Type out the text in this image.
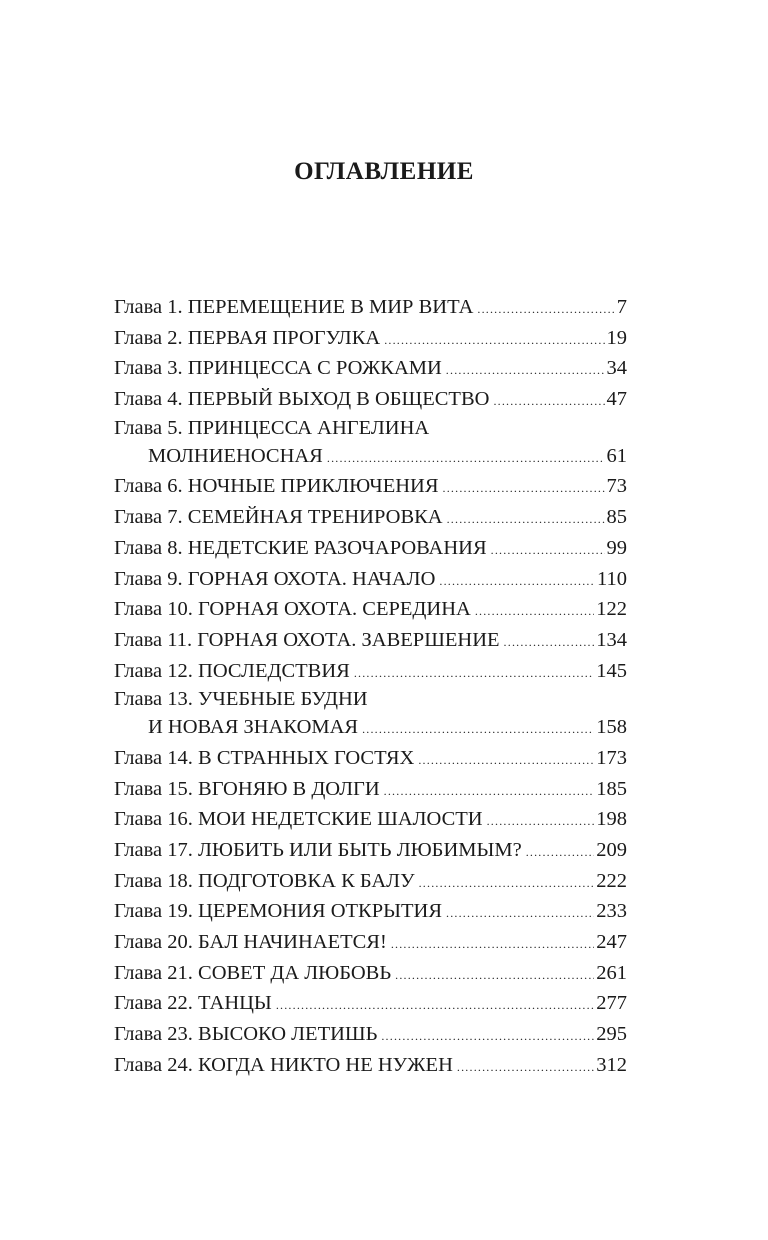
ОГЛАВЛЕНИЕ
Глава 1. ПЕРЕМЕЩЕНИЕ В МИР ВИТА .....	7
Глава 2. ПЕРВАЯ ПРОГУЛКА .....	19
Глава 3. ПРИНЦЕССА С РОЖКАМИ .....	34
Глава 4. ПЕРВЫЙ ВЫХОД В ОБЩЕСТВО .....	47
Глава 5. ПРИНЦЕССА АНГЕЛИНА
МОЛНИЕНОСНАЯ .....	61
Глава 6. НОЧНЫЕ ПРИКЛЮЧЕНИЯ .....	73
Глава 7. СЕМЕЙНАЯ ТРЕНИРОВКА .....	85
Глава 8. НЕДЕТСКИЕ РАЗОЧАРОВАНИЯ .....	99
Глава 9. ГОРНАЯ ОХОТА. НАЧАЛО .....	110
Глава 10. ГОРНАЯ ОХОТА. СЕРЕДИНА .....	122
Глава 11. ГОРНАЯ ОХОТА. ЗАВЕРШЕНИЕ .....	134
Глава 12. ПОСЛЕДСТВИЯ .....	145
Глава 13. УЧЕБНЫЕ БУДНИ
И НОВАЯ ЗНАКОМАЯ .....	158
Глава 14. В СТРАННЫХ ГОСТЯХ .....	173
Глава 15. ВГОНЯЮ В ДОЛГИ .....	185
Глава 16. МОИ НЕДЕТСКИЕ ШАЛОСТИ .....	198
Глава 17. ЛЮБИТЬ ИЛИ БЫТЬ ЛЮБИМЫМ? .....	209
Глава 18. ПОДГОТОВКА К БАЛУ .....	222
Глава 19. ЦЕРЕМОНИЯ ОТКРЫТИЯ .....	233
Глава 20. БАЛ НАЧИНАЕТСЯ! .....	247
Глава 21. СОВЕТ ДА ЛЮБОВЬ .....	261
Глава 22. ТАНЦЫ .....	277
Глава 23. ВЫСОКО ЛЕТИШЬ .....	295
Глава 24. КОГДА НИКТО НЕ НУЖЕН .....	312
